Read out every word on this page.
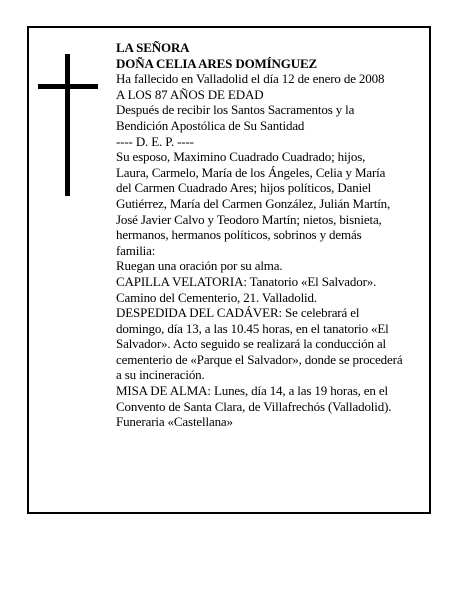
LA SEÑORA
DOÑA CELIA ARES DOMÍNGUEZ
Ha fallecido en Valladolid el día 12 de enero de 2008
A LOS 87 AÑOS DE EDAD
Después de recibir los Santos Sacramentos y la
Bendición Apostólica de Su Santidad
---- D. E. P. ----
Su esposo, Maximino Cuadrado Cuadrado; hijos,
Laura, Carmelo, María de los Ángeles, Celia y María
del Carmen Cuadrado Ares; hijos políticos, Daniel
Gutiérrez, María del Carmen González, Julián Martín,
José Javier Calvo y Teodoro Martín; nietos, bisnieta,
hermanos, hermanos políticos, sobrinos y demás
familia:
Ruegan una oración por su alma.
CAPILLA VELATORIA: Tanatorio «El Salvador».
Camino del Cementerio, 21. Valladolid.
DESPEDIDA DEL CADÁVER: Se celebrará el
domingo, día 13, a las 10.45 horas, en el tanatorio «El
Salvador». Acto seguido se realizará la conducción al
cementerio de «Parque el Salvador», donde se procederá
a su incineración.
MISA DE ALMA: Lunes, día 14, a las 19 horas, en el
Convento de Santa Clara, de Villafrechós (Valladolid).
Funeraria «Castellana»
